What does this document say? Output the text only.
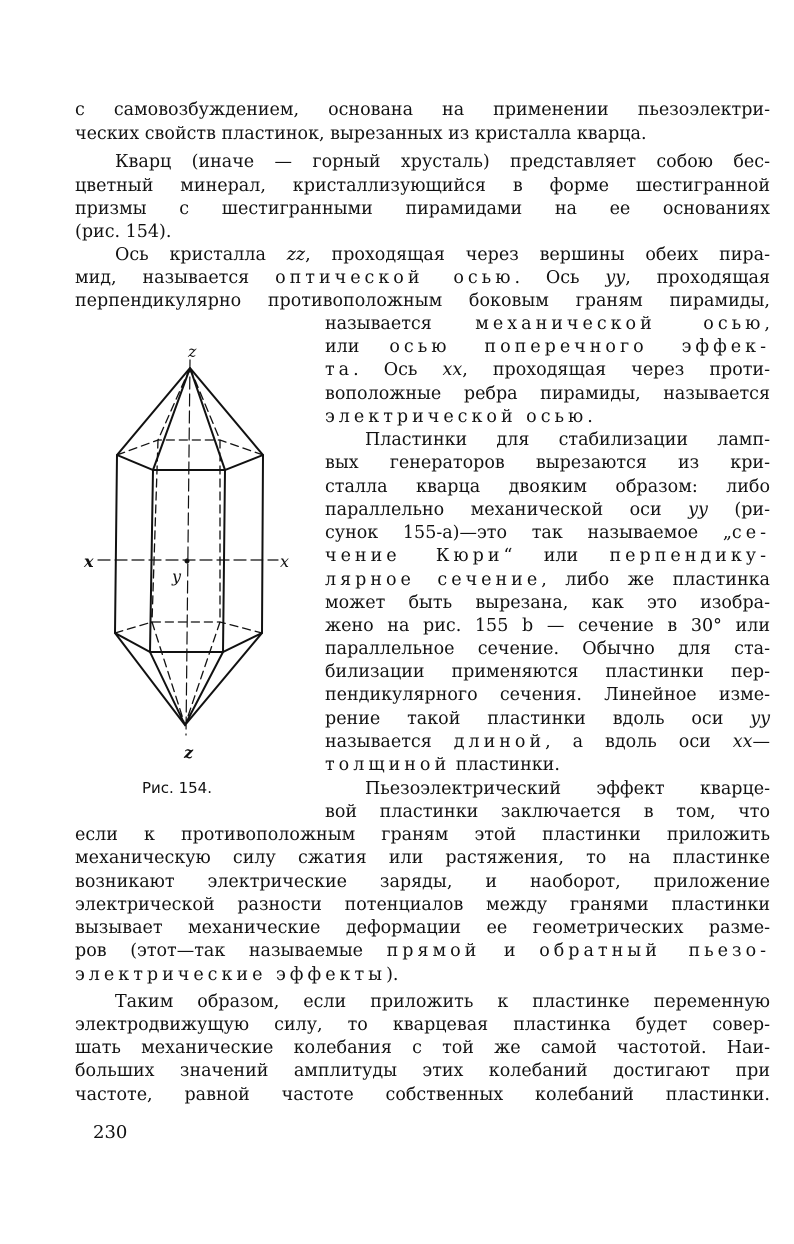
с самовозбуждением, основана на применении пьезоэлектри-
ческих свойств пластинок, вырезанных из кристалла кварца.
Кварц (иначе — горный хрусталь) представляет собою бес-
цветный минерал, кристаллизующийся в форме шестигранной
призмы с шестигранными пирамидами на ее основаниях
(рис. 154).
Ось кристалла zz, проходящая через вершины обеих пира-
мид, называется оптической осью. Ось yy, проходящая
перпендикулярно противоположным боковым граням пирамиды,
называется механической осью,
или осью поперечного эффек-
та. Ось xx, проходящая через проти-
воположные ребра пирамиды, называется
электрической осью.
Пластинки для стабилизации ламп-
вых генераторов вырезаются из кри-
сталла кварца двояким образом: либо
параллельно механической оси yy (ри-
сунок 155-а)—это так называемое „се-
чение Кюри“ или перпендику-
лярное сечение, либо же пластинка
может быть вырезана, как это изобра-
жено на рис. 155 b — сечение в 30° или
параллельное сечение. Обычно для ста-
билизации применяются пластинки пер-
пендикулярного сечения. Линейное изме-
рение такой пластинки вдоль оси yy
называется длиной, а вдоль оси xx—
толщиной пластинки.
Пьезоэлектрический эффект кварце-
вой пластинки заключается в том, что
если к противоположным граням этой пластинки приложить
механическую силу сжатия или растяжения, то на пластинке
возникают электрические заряды, и наоборот, приложение
электрической разности потенциалов между гранями пластинки
вызывает механические деформации ее геометрических разме-
ров (этот—так называемые прямой и обратный пьезо-
электрические эффекты).
Таким образом, если приложить к пластинке переменную
электродвижущую силу, то кварцевая пластинка будет совер-
шать механические колебания с той же самой частотой. Наи-
больших значений амплитуды этих колебаний достигают при
частоте, равной частоте собственных колебаний пластинки.
z
z
x	x
y
Рис. 154.
230
